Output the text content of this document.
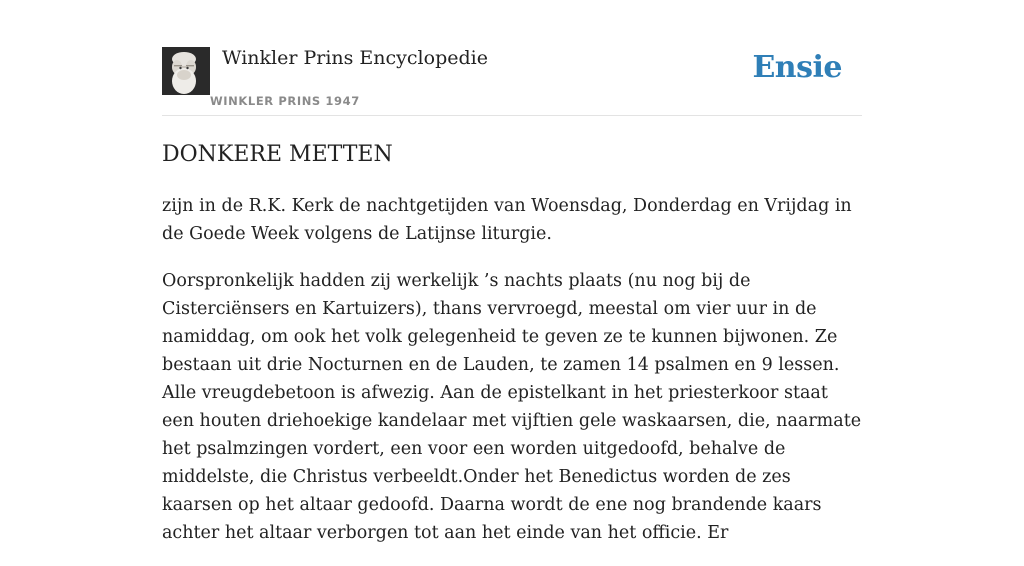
Winkler Prins Encyclopedie
WINKLER PRINS 1947
Ensie
DONKERE METTEN

zijn in de R.K. Kerk de nachtgetijden van Woensdag, Donderdag en Vrijdag in de Goede Week volgens de Latijnse liturgie.

Oorspronkelijk hadden zij werkelijk ’s nachts plaats (nu nog bij de Cisterciënsers en Kartuizers), thans vervroegd, meestal om vier uur in de namiddag, om ook het volk gelegenheid te geven ze te kunnen bijwonen. Ze bestaan uit drie Nocturnen en de Lauden, te zamen 14 psalmen en 9 lessen. Alle vreugdebetoon is afwezig. Aan de epistelkant in het priesterkoor staat een houten driehoekige kandelaar met vijftien gele waskaarsen, die, naarmate het psalmzingen vordert, een voor een worden uitgedoofd, behalve de middelste, die Christus verbeeldt.Onder het Benedictus worden de zes kaarsen op het altaar gedoofd. Daarna wordt de ene nog brandende kaars achter het altaar verborgen tot aan het einde van het officie. Er
